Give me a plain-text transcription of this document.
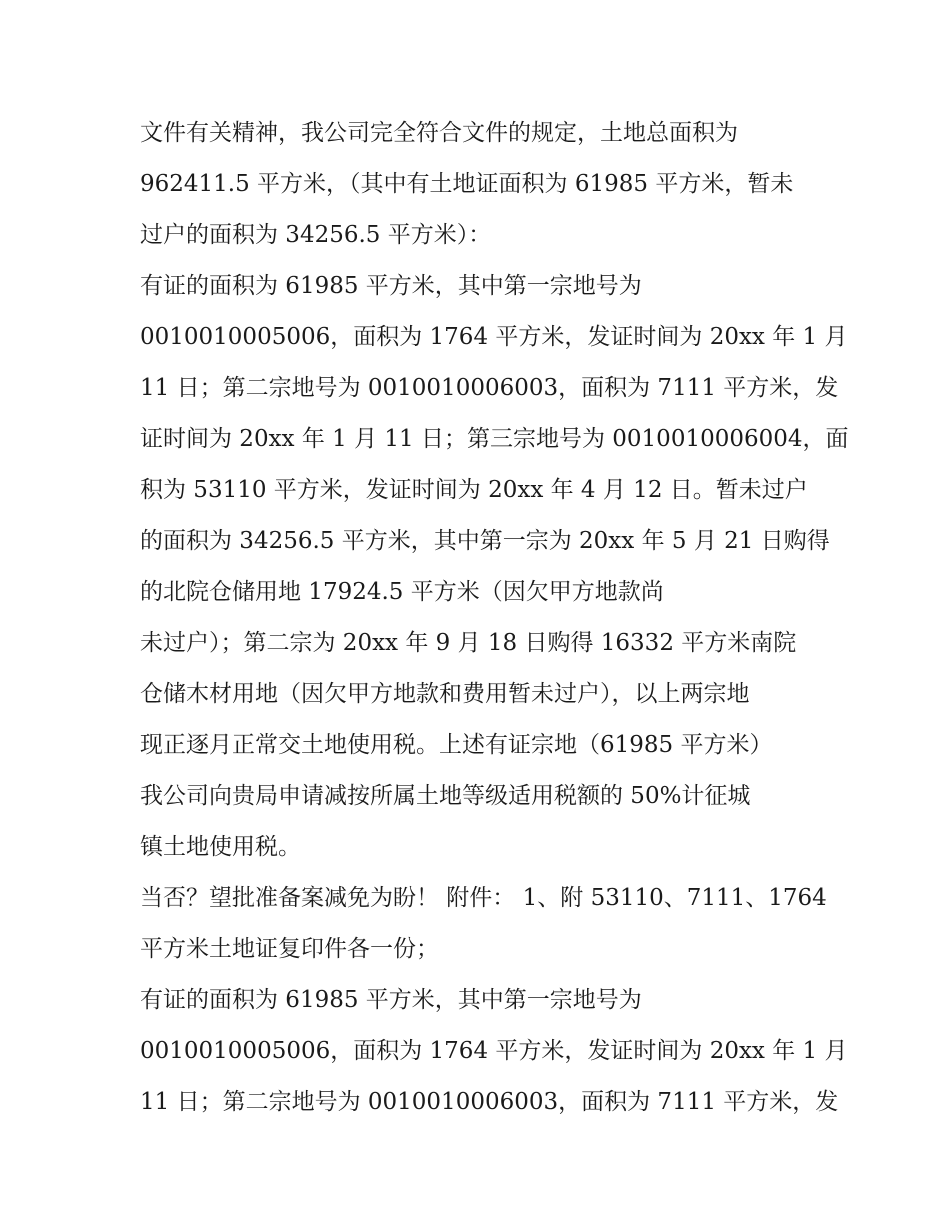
文件有关精神，我公司完全符合文件的规定，土地总面积为
962411.5 平方米，（其中有土地证面积为 61985 平方米，暂未
过户的面积为 34256.5 平方米）：
有证的面积为 61985 平方米，其中第一宗地号为
0010010005006，面积为 1764 平方米，发证时间为 20xx 年 1 月
11 日；第二宗地号为 0010010006003，面积为 7111 平方米，发
证时间为 20xx 年 1 月 11 日；第三宗地号为 0010010006004，面
积为 53110 平方米，发证时间为 20xx 年 4 月 12 日。暂未过户
的面积为 34256.5 平方米，其中第一宗为 20xx 年 5 月 21 日购得
的北院仓储用地 17924.5 平方米（因欠甲方地款尚
未过户）；第二宗为 20xx 年 9 月 18 日购得 16332 平方米南院
仓储木材用地（因欠甲方地款和费用暂未过户），以上两宗地
现正逐月正常交土地使用税。上述有证宗地（61985 平方米）
我公司向贵局申请减按所属土地等级适用税额的 50%计征城
镇土地使用税。
当否？望批准备案减免为盼！ 附件： 1、附 53110、7111、1764
平方米土地证复印件各一份；
有证的面积为 61985 平方米，其中第一宗地号为
0010010005006，面积为 1764 平方米，发证时间为 20xx 年 1 月
11 日；第二宗地号为 0010010006003，面积为 7111 平方米，发
